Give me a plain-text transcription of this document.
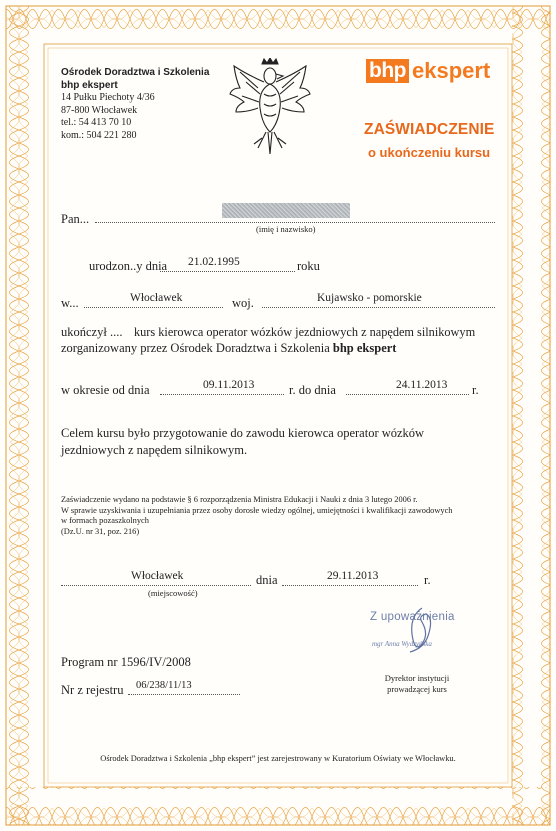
Ośrodek Doradztwa i Szkolenia
bhp ekspert
14 Pułku Piechoty 4/36
87-800 Włocławek
tel.: 54 413 70 10
kom.: 504 221 280
bhp ekspert
ZAŚWIADCZENIE
o ukończeniu kursu
Pan...
(imię i nazwisko)
urodzon..y dnia 21.02.1995	roku
w...	Włocławek	woj.	Kujawsko - pomorskie
ukończył .... kurs kierowca operator wózków jezdniowych z napędem silnikowym
zorganizowany przez Ośrodek Doradztwa i Szkolenia bhp ekspert
w okresie od dnia	09.11.2013	r. do dnia	24.11.2013 r.
Celem kursu było przygotowanie do zawodu kierowca operator wózków jezdniowych z napędem silnikowym.
Zaświadczenie wydano na podstawie § 6 rozporządzenia Ministra Edukacji i Nauki z dnia 3 lutego 2006 r.
W sprawie uzyskiwania i uzupełniania przez osoby dorosłe wiedzy ogólnej, umiejętności i kwalifikacji zawodowych
w formach pozaszkolnych
(Dz.U. nr 31, poz. 216)
Włocławek
(miejscowość)
dnia	29.11.2013	r.
Z upoważnienia
mgr Anna Wydzyńska
Program nr 1596/IV/2008
Nr z rejestru 06/238/11/13
Dyrektor instytucji
prowadzącej kurs
Ośrodek Doradztwa i Szkolenia „bhp ekspert” jest zarejestrowany w Kuratorium Oświaty we Włocławku.
